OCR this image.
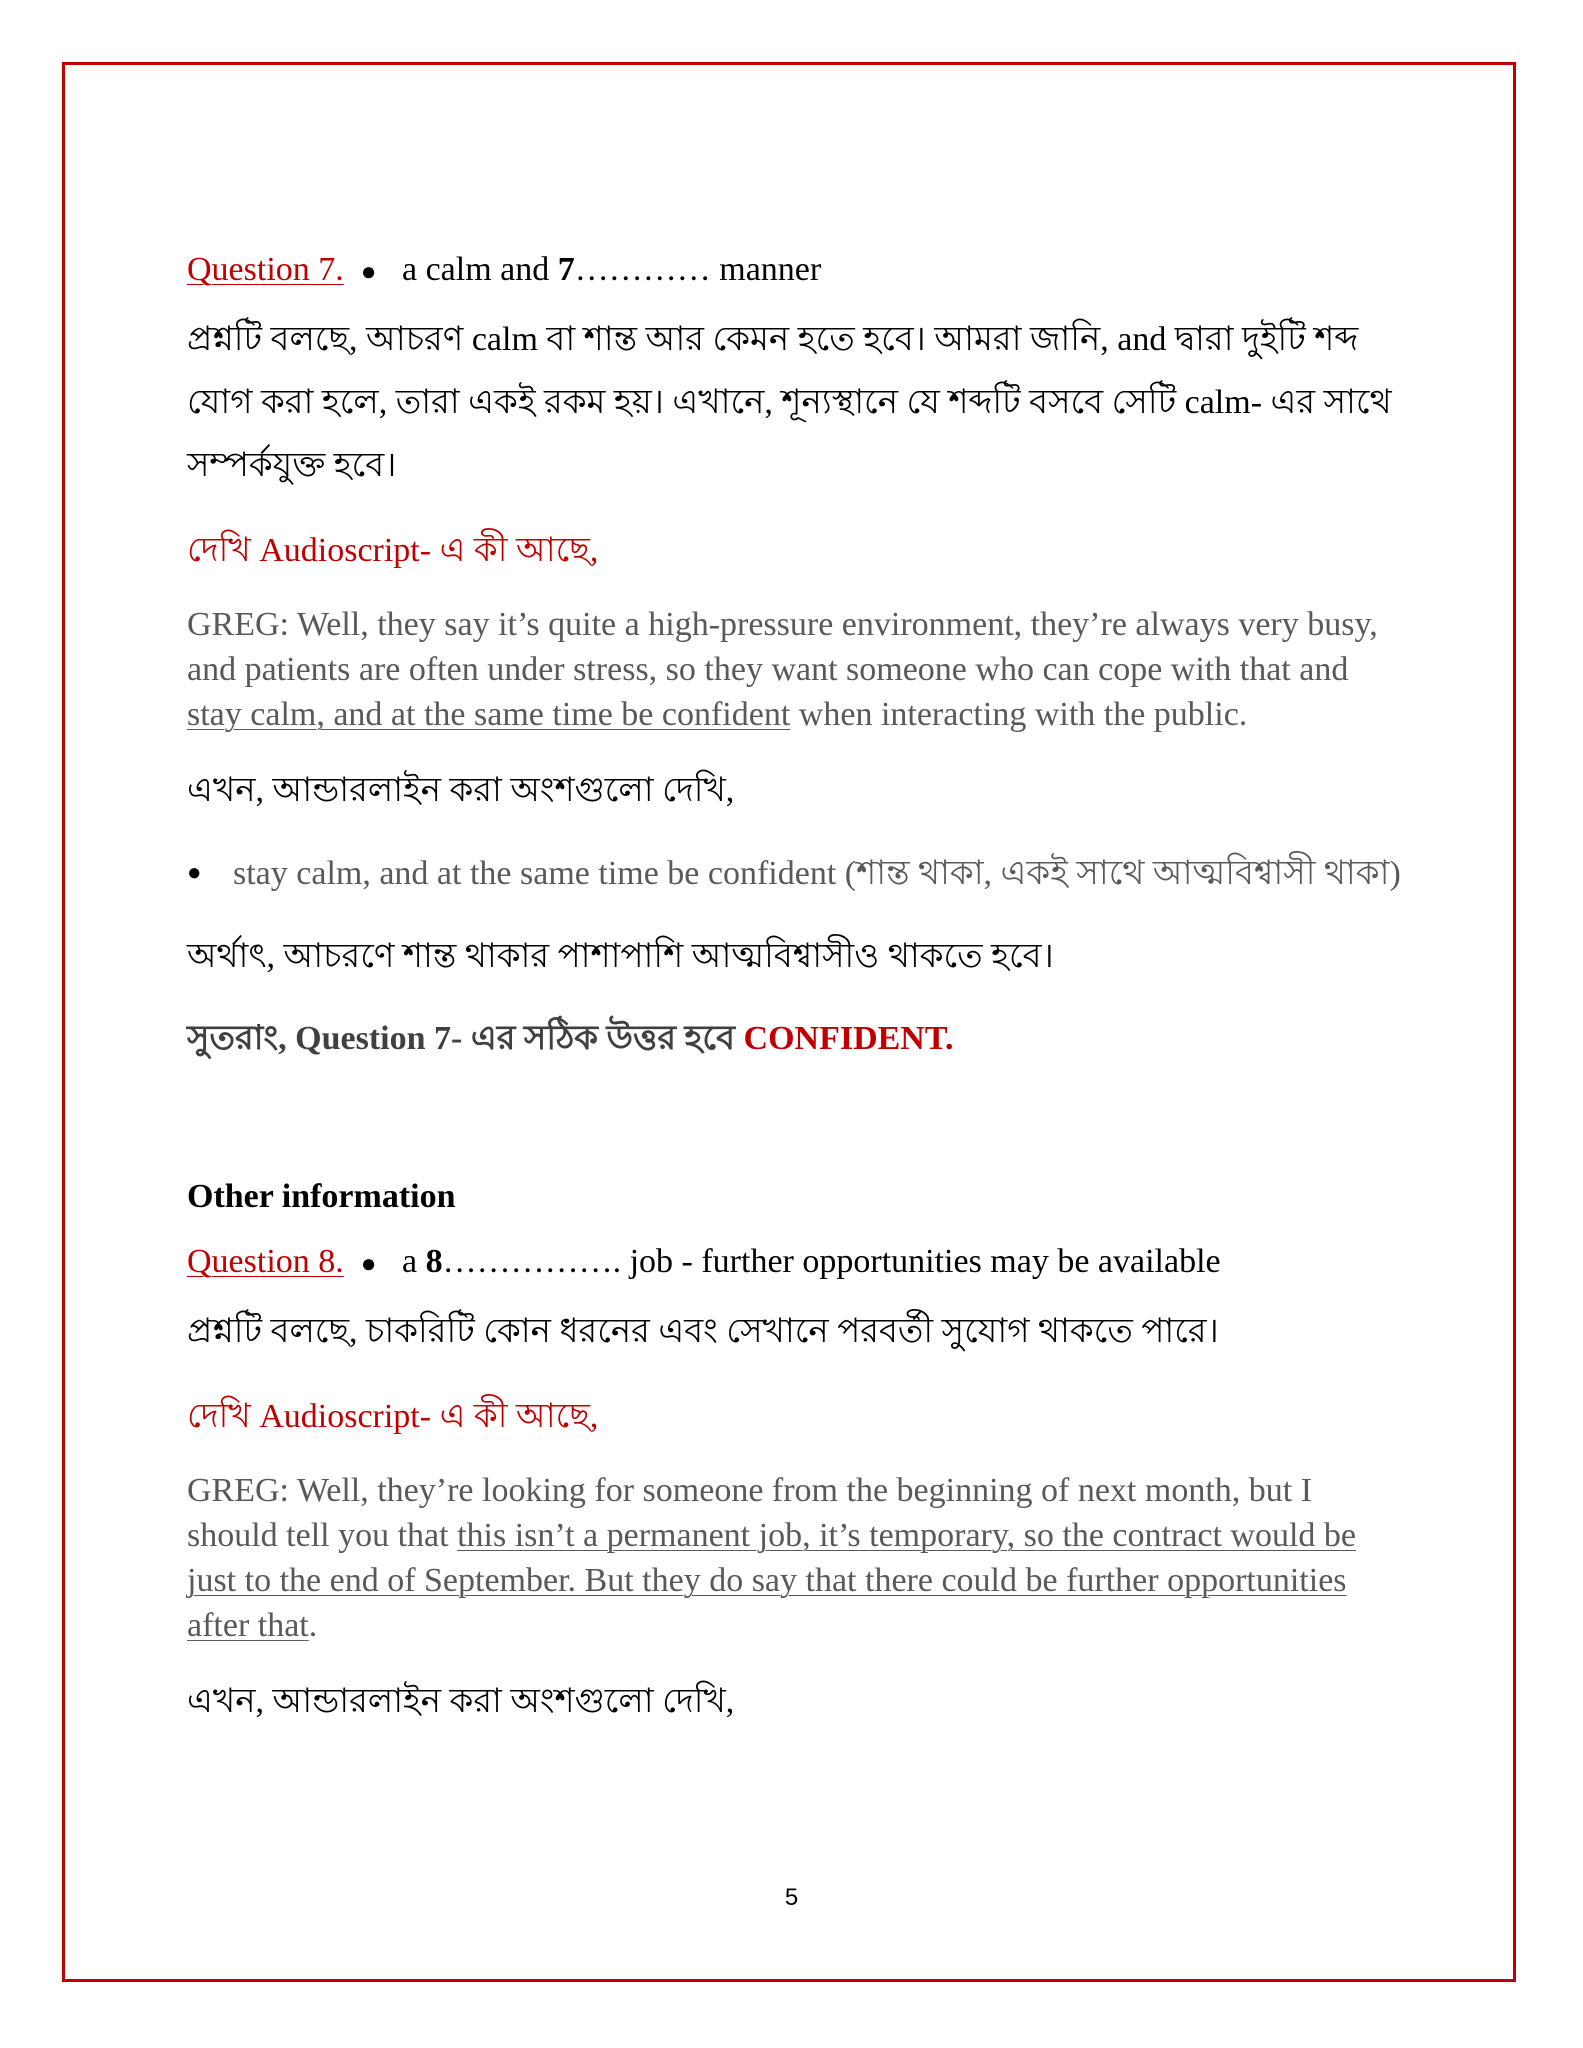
Question 7. ● a calm and 7………… manner
প্রশ্নটি বলছে, আচরণ calm বা শান্ত আর কেমন হতে হবে। আমরা জানি, and দ্বারা দুইটি শব্দ যোগ করা হলে, তারা একই রকম হয়। এখানে, শূন্যস্থানে যে শব্দটি বসবে সেটি calm- এর সাথে সম্পর্কযুক্ত হবে।
দেখি Audioscript- এ কী আছে,
GREG: Well, they say it’s quite a high-pressure environment, they’re always very busy, and patients are often under stress, so they want someone who can cope with that and stay calm, and at the same time be confident when interacting with the public.
এখন, আন্ডারলাইন করা অংশগুলো দেখি,
● stay calm, and at the same time be confident (শান্ত থাকা, একই সাথে আত্মবিশ্বাসী থাকা)
অর্থাৎ, আচরণে শান্ত থাকার পাশাপাশি আত্মবিশ্বাসীও থাকতে হবে।
সুতরাং, Question 7- এর সঠিক উত্তর হবে CONFIDENT.
Other information
Question 8. ● a 8……………. job - further opportunities may be available
প্রশ্নটি বলছে, চাকরিটি কোন ধরনের এবং সেখানে পরবর্তী সুযোগ থাকতে পারে।
দেখি Audioscript- এ কী আছে,
GREG: Well, they’re looking for someone from the beginning of next month, but I should tell you that this isn’t a permanent job, it’s temporary, so the contract would be just to the end of September. But they do say that there could be further opportunities after that.
এখন, আন্ডারলাইন করা অংশগুলো দেখি,
5
